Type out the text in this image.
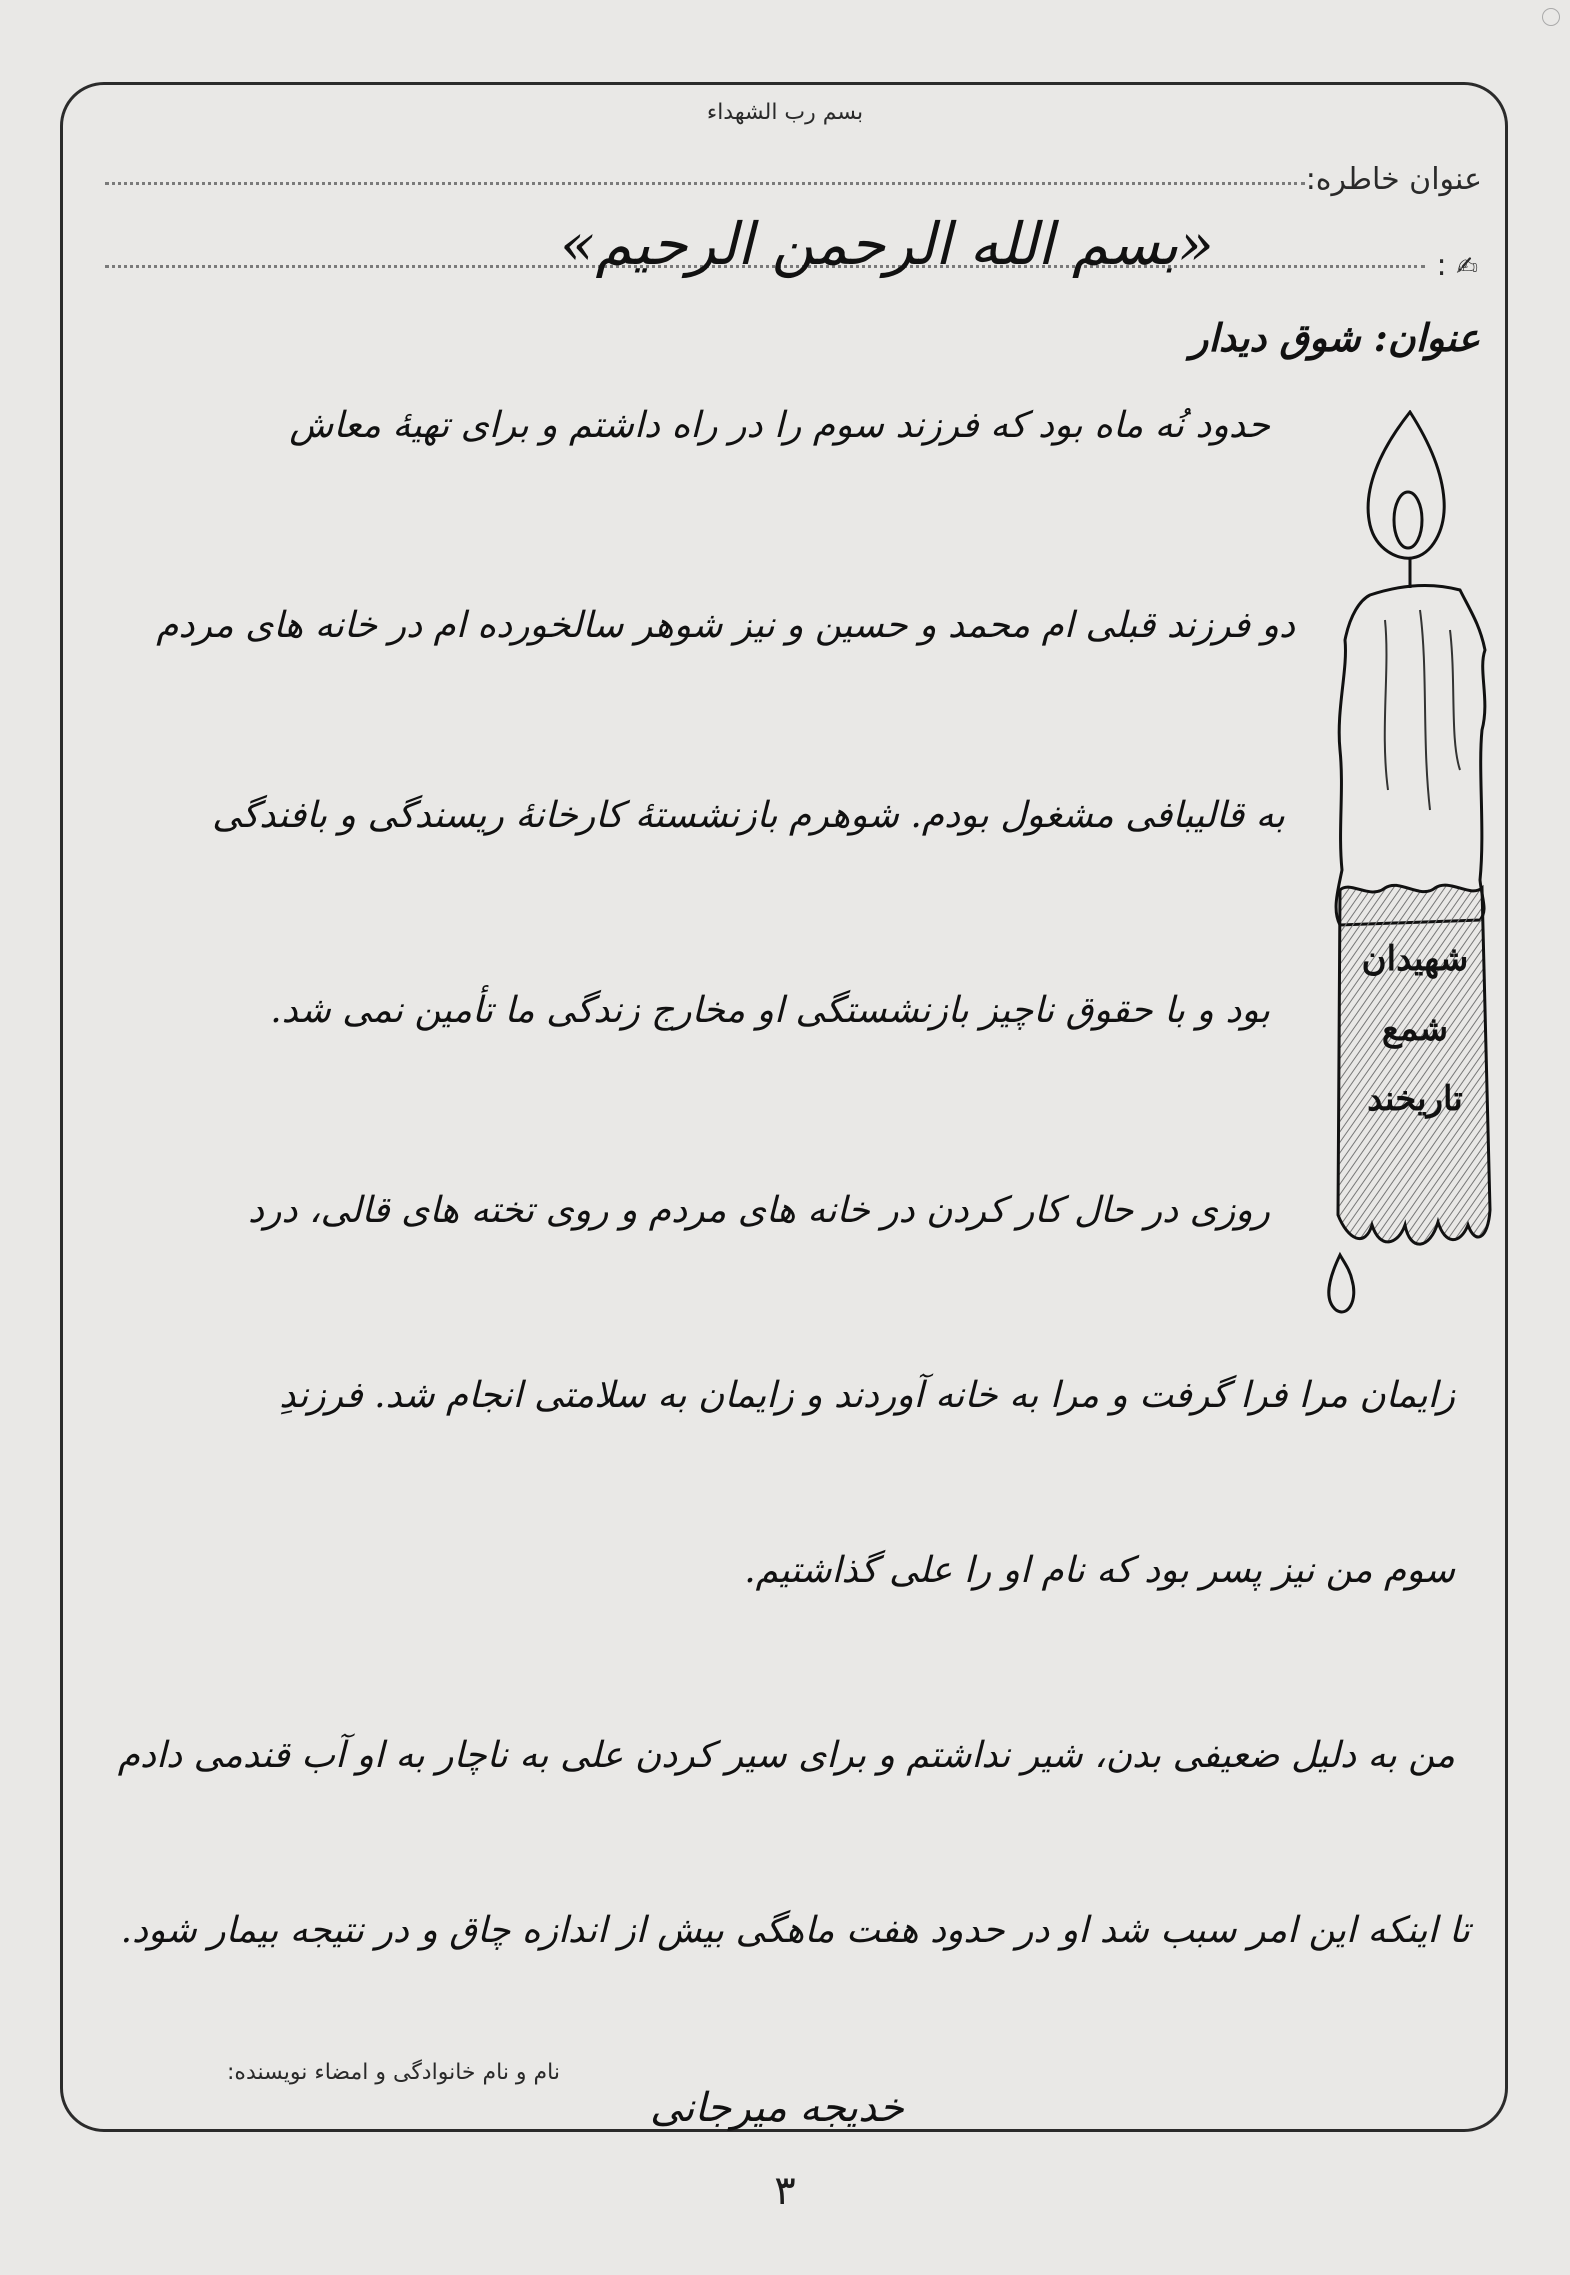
بسم رب الشهداء
عنوان خاطره:
✍ :
«بسم الله الرحمن الرحیم»
عنوان: شوق دیدار
حدود نُه ماه بود که فرزند سوم را در راه داشتم و برای تهیهٔ معاش
دو فرزند قبلی ام محمد و حسین و نیز شوهر سالخورده ام در خانه های مردم
به قالیبافی مشغول بودم. شوهرم بازنشستهٔ کارخانهٔ ریسندگی و بافندگی
بود و با حقوق ناچیز بازنشستگی او مخارج زندگی ما تأمین نمی شد.
روزی در حال کار کردن در خانه های مردم و روی تخته های قالی، درد
زایمان مرا فرا گرفت و مرا به خانه آوردند و زایمان به سلامتی انجام شد. فرزندِ
سوم من نیز پسر بود که نام او را علی گذاشتیم.
من به دلیل ضعیفی بدن، شیر نداشتم و برای سیر کردن علی به ناچار به او آب قندمی دادم
تا اینکه این امر سبب شد او در حدود هفت ماهگی بیش از اندازه چاق و در نتیجه بیمار شود.
شهیدان
شمع
تاریخند
نام و نام خانوادگی و امضاء نویسنده:
خدیجه میرجانی
۳
